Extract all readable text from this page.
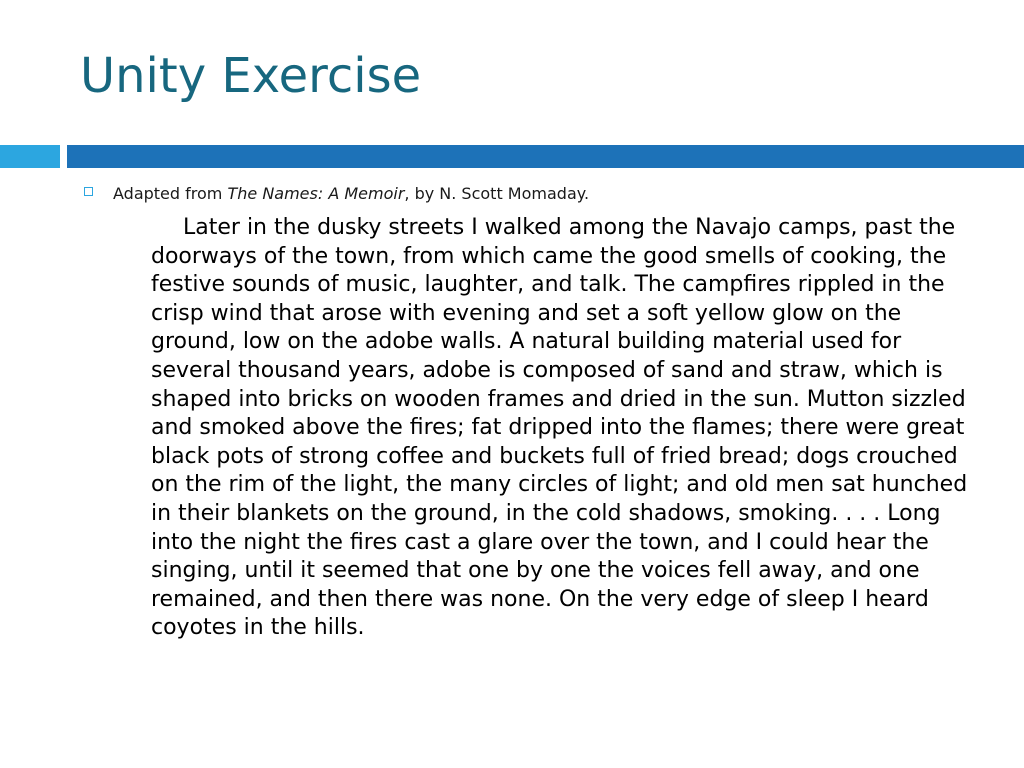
Unity Exercise
Adapted from The Names: A Memoir, by N. Scott Momaday.

Later in the dusky streets I walked among the Navajo camps, past the doorways of the town, from which came the good smells of cooking, the festive sounds of music, laughter, and talk. The campfires rippled in the crisp wind that arose with evening and set a soft yellow glow on the ground, low on the adobe walls. A natural building material used for several thousand years, adobe is composed of sand and straw, which is shaped into bricks on wooden frames and dried in the sun. Mutton sizzled and smoked above the fires; fat dripped into the flames; there were great black pots of strong coffee and buckets full of fried bread; dogs crouched on the rim of the light, the many circles of light; and old men sat hunched in their blankets on the ground, in the cold shadows, smoking. . . . Long into the night the fires cast a glare over the town, and I could hear the singing, until it seemed that one by one the voices fell away, and one remained, and then there was none. On the very edge of sleep I heard coyotes in the hills.
